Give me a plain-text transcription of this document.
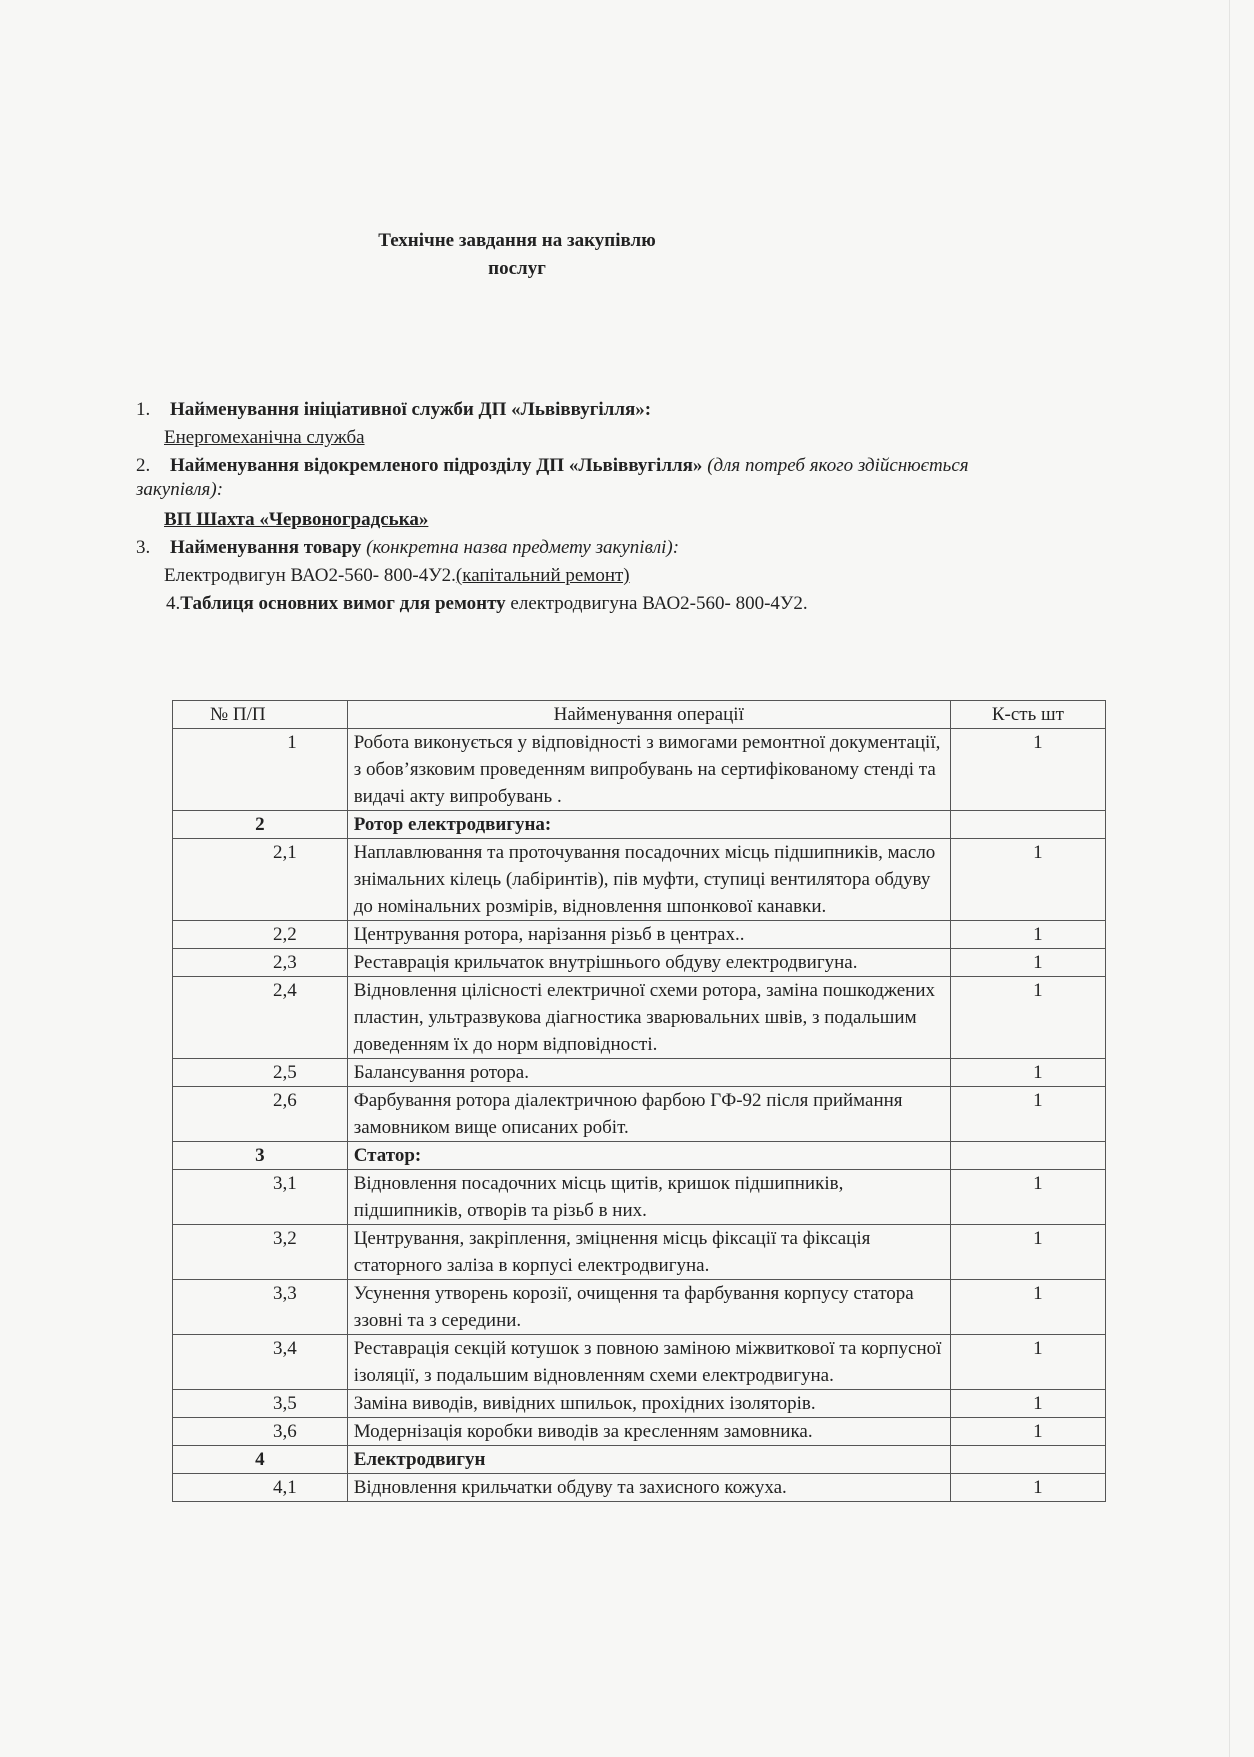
Технічне завдання на закупівлю
послуг
1. Найменування ініціативної служби ДП «Львіввугілля»:
Енергомеханічна служба
2. Найменування відокремленого підрозділу ДП «Львіввугілля» (для потреб якого здійснюється закупівля):
ВП Шахта «Червоноградська»
3. Найменування товару (конкретна назва предмету закупівлі):
Електродвигун ВАО2-560- 800-4У2.(капітальний ремонт)
4.Таблиця основних вимог для ремонту електродвигуна ВАО2-560- 800-4У2.
№ П/П	Найменування операції	К-сть шт
1	Робота виконується у відповідності з вимогами ремонтної документації, з обов’язковим проведенням випробувань на сертифікованому стенді та видачі акту випробувань .	1
2	Ротор електродвигуна:	
2,1	Наплавлювання та проточування посадочних місць підшипників, масло знімальних кілець (лабіринтів), пів муфти, ступиці вентилятора обдуву до номінальних розмірів, відновлення шпонкової канавки.	1
2,2	Центрування ротора, нарізання різьб в центрах..	1
2,3	Реставрація крильчаток внутрішнього обдуву електродвигуна.	1
2,4	Відновлення цілісності електричної схеми ротора, заміна пошкоджених пластин, ультразвукова діагностика зварювальних швів, з подальшим доведенням їх до норм відповідності.	1
2,5	Балансування ротора.	1
2,6	Фарбування ротора діалектричною фарбою ГФ-92 після приймання замовником вище описаних робіт.	1
3	Статор:	
3,1	Відновлення посадочних місць щитів, кришок підшипників, підшипників, отворів та різьб в них.	1
3,2	Центрування, закріплення, зміцнення місць фіксації та фіксація статорного заліза в корпусі електродвигуна.	1
3,3	Усунення утворень корозії, очищення та фарбування корпусу статора ззовні та з середини.	1
3,4	Реставрація секцій котушок з повною заміною міжвиткової та корпусної ізоляції, з подальшим відновленням схеми електродвигуна.	1
3,5	Заміна виводів, вивідних шпильок, прохідних ізоляторів.	1
3,6	Модернізація коробки виводів за кресленням замовника.	1
4	Електродвигун	
4,1	Відновлення крильчатки обдуву та захисного кожуха.	1
